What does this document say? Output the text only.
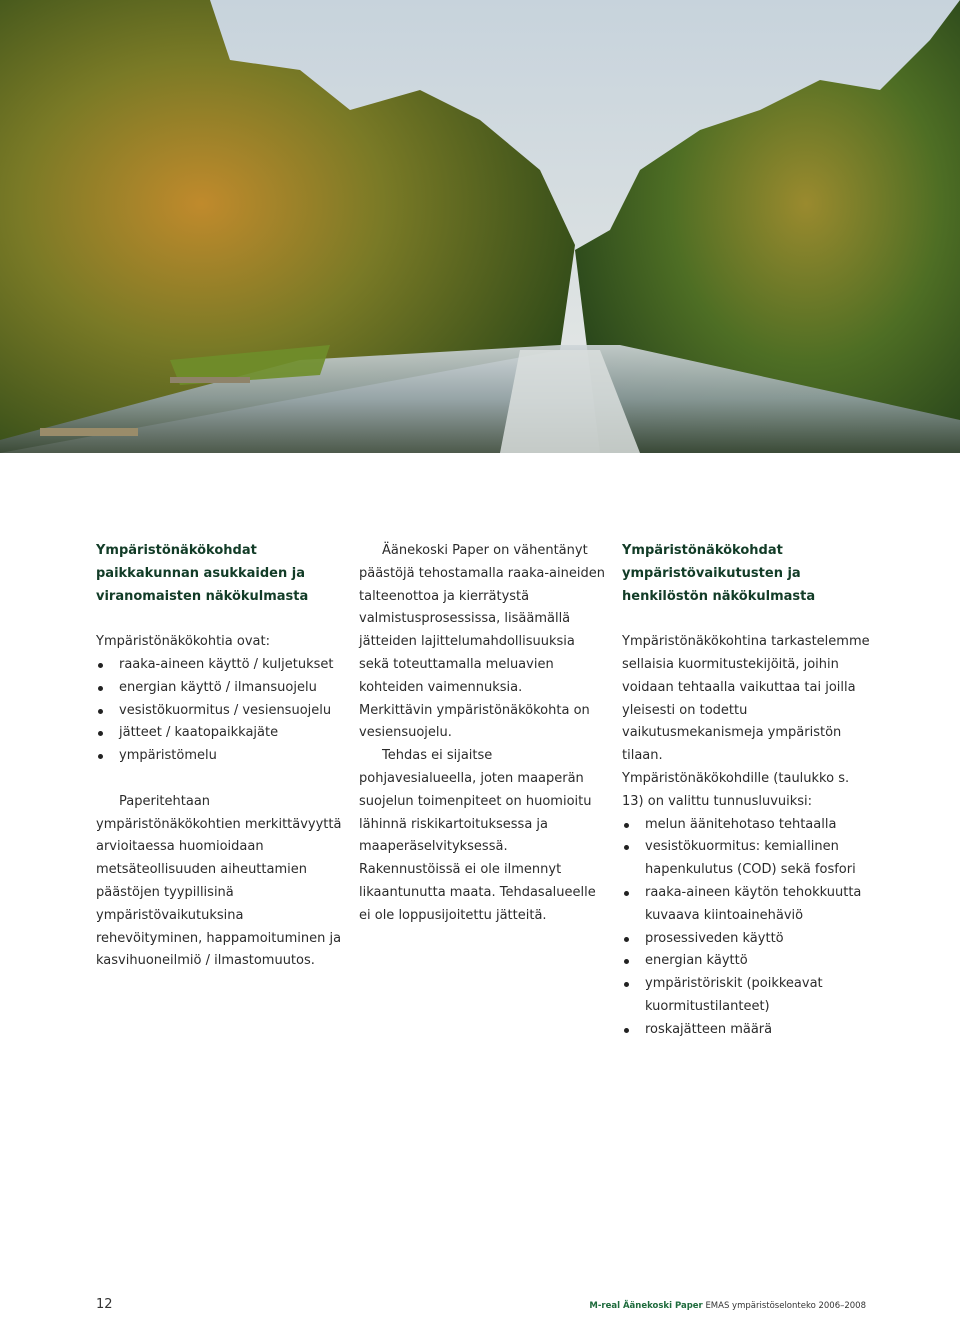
Ympäristönäkökohdat paikkakunnan asukkaiden ja viranomaisten näkökulmasta

Ympäristönäkökohtia ovat:

raaka-aineen käyttö / kuljetukset
energian käyttö / ilmansuojelu
vesistökuormitus / vesiensuojelu
jätteet / kaatopaikkajäte
ympäristömelu

Paperitehtaan ympäristönäkökohtien merkittävyyttä arvioitaessa huomioidaan metsäteollisuuden aiheuttamien päästöjen tyypillisinä ympäristövaikutuksina rehevöityminen, happamoituminen ja kasvihuoneilmiö / ilmastomuutos.

Äänekoski Paper on vähentänyt päästöjä tehostamalla raaka-aineiden talteenottoa ja kierrätystä valmistusprosessissa, lisäämällä jätteiden lajittelumahdollisuuksia sekä toteuttamalla meluavien kohteiden vaimennuksia.

Merkittävin ympäristönäkökohta on vesiensuojelu.

Tehdas ei sijaitse pohjavesialueella, joten maaperän suojelun toimenpiteet on huomioitu lähinnä riskikartoituksessa ja maaperäselvityksessä. Rakennustöissä ei ole ilmennyt likaantunutta maata. Tehdasalueelle ei ole loppusijoitettu jätteitä.

Ympäristönäkökohdat ympäristövaikutusten ja henkilöstön näkökulmasta

Ympäristönäkökohtina tarkastelemme sellaisia kuormitustekijöitä, joihin voidaan tehtaalla vaikuttaa tai joilla yleisesti on todettu vaikutusmekanismeja ympäristön tilaan.

Ympäristönäkökohdille (taulukko s. 13) on valittu tunnusluvuiksi:

melun äänitehotaso tehtaalla
vesistökuormitus: kemiallinen hapenkulutus (COD) sekä fosfori
raaka-aineen käytön tehokkuutta kuvaava kiintoainehäviö
prosessiveden käyttö
energian käyttö
ympäristöriskit (poikkeavat kuormitustilanteet)
roskajätteen määrä
12	M-real Äänekoski Paper EMAS ympäristöselonteko 2006–2008
